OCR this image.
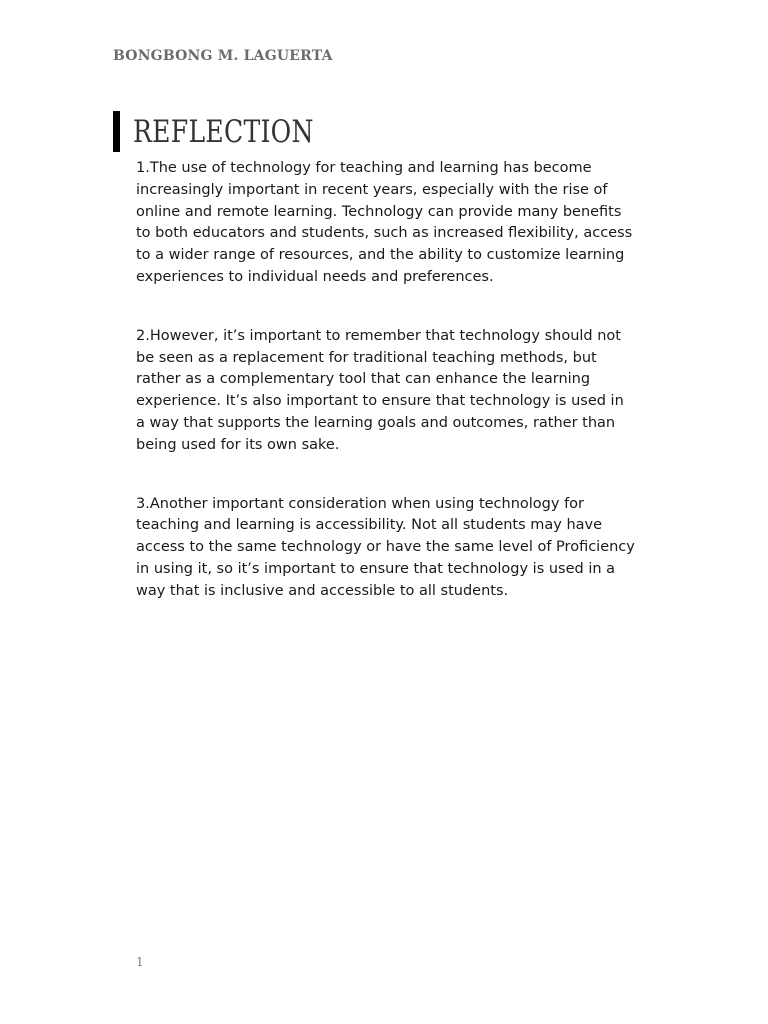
BONGBONG M. LAGUERTA
REFLECTION

1.The use of technology for teaching and learning has become
increasingly important in recent years, especially with the rise of
online and remote learning. Technology can provide many benefits
to both educators and students, such as increased flexibility, access
to a wider range of resources, and the ability to customize learning
experiences to individual needs and preferences.

2.However, it’s important to remember that technology should not
be seen as a replacement for traditional teaching methods, but
rather as a complementary tool that can enhance the learning
experience. It’s also important to ensure that technology is used in
a way that supports the learning goals and outcomes, rather than
being used for its own sake.

3.Another important consideration when using technology for
teaching and learning is accessibility. Not all students may have
access to the same technology or have the same level of Proficiency
in using it, so it’s important to ensure that technology is used in a
way that is inclusive and accessible to all students.

1
